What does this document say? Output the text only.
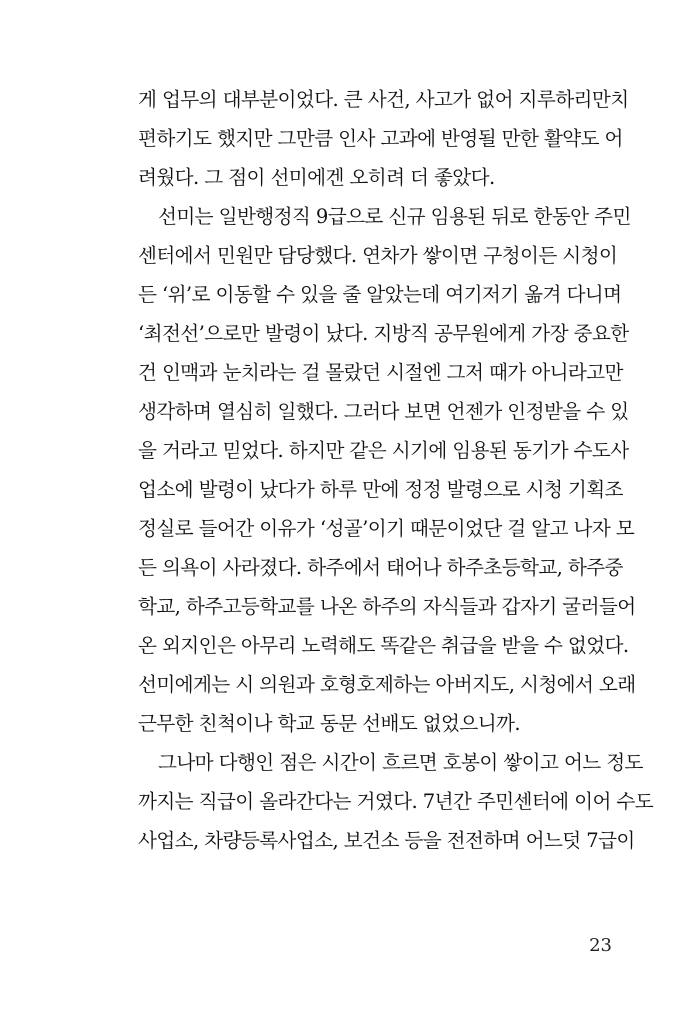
게 업무의 대부분이었다. 큰 사건, 사고가 없어 지루하리만치
편하기도 했지만 그만큼 인사 고과에 반영될 만한 활약도 어
려웠다. 그 점이 선미에겐 오히려 더 좋았다.
선미는 일반행정직 9급으로 신규 임용된 뒤로 한동안 주민
센터에서 민원만 담당했다. 연차가 쌓이면 구청이든 시청이
든 ‘위’로 이동할 수 있을 줄 알았는데 여기저기 옮겨 다니며
‘최전선’으로만 발령이 났다. 지방직 공무원에게 가장 중요한
건 인맥과 눈치라는 걸 몰랐던 시절엔 그저 때가 아니라고만
생각하며 열심히 일했다. 그러다 보면 언젠가 인정받을 수 있
을 거라고 믿었다. 하지만 같은 시기에 임용된 동기가 수도사
업소에 발령이 났다가 하루 만에 정정 발령으로 시청 기획조
정실로 들어간 이유가 ‘성골’이기 때문이었단 걸 알고 나자 모
든 의욕이 사라졌다. 하주에서 태어나 하주초등학교, 하주중
학교, 하주고등학교를 나온 하주의 자식들과 갑자기 굴러들어
온 외지인은 아무리 노력해도 똑같은 취급을 받을 수 없었다.
선미에게는 시 의원과 호형호제하는 아버지도, 시청에서 오래
근무한 친척이나 학교 동문 선배도 없었으니까.
그나마 다행인 점은 시간이 흐르면 호봉이 쌓이고 어느 정도
까지는 직급이 올라간다는 거였다. 7년간 주민센터에 이어 수도
사업소, 차량등록사업소, 보건소 등을 전전하며 어느덧 7급이
23
